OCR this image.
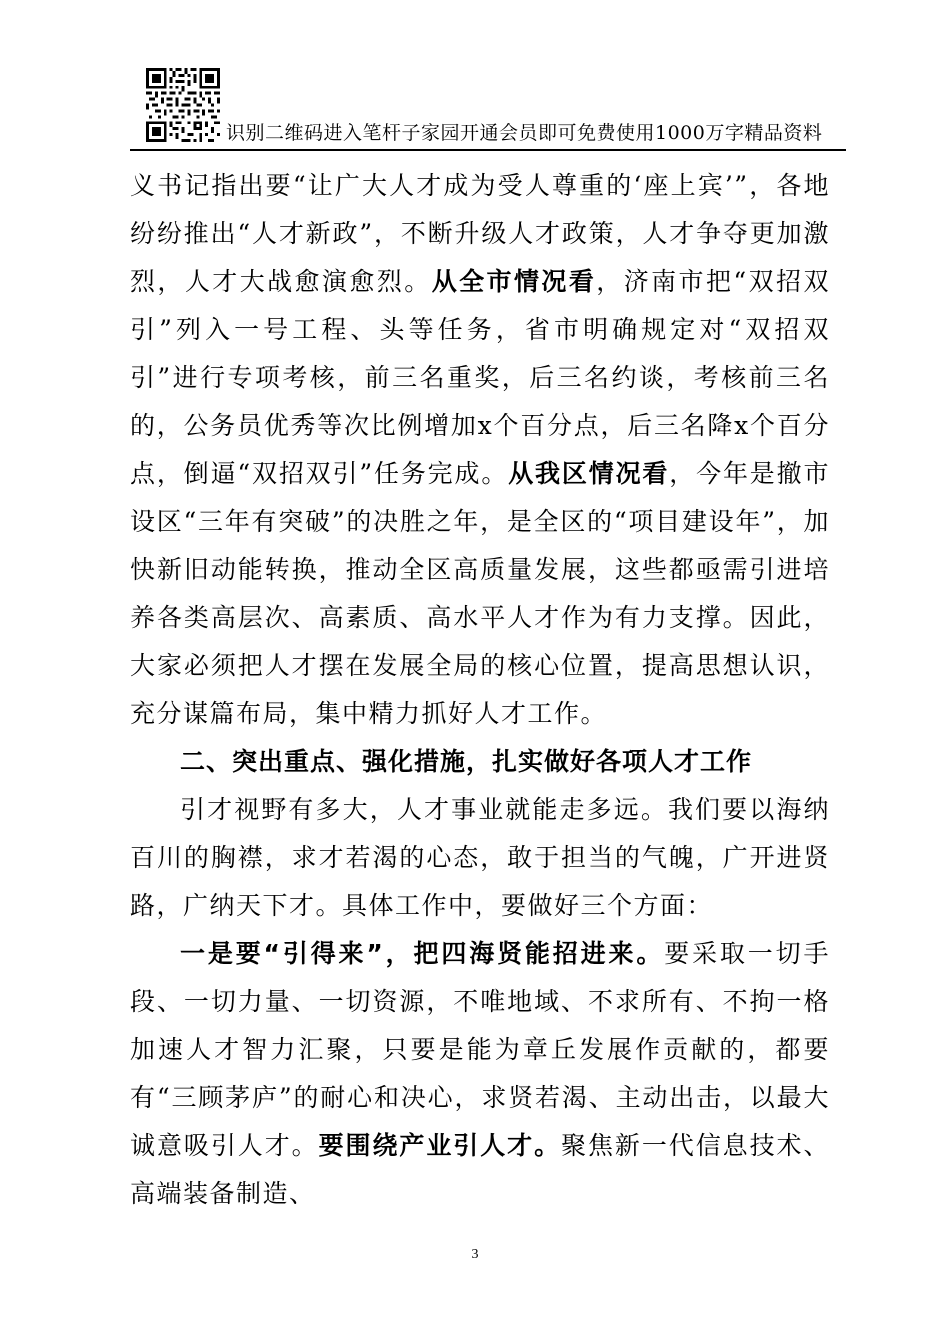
识别二维码进入笔杆子家园开通会员即可免费使用1000万字精品资料

义书记指出要“让广大人才成为受人尊重的‘座上宾’”，各地纷纷推出“人才新政”，不断升级人才政策，人才争夺更加激烈，人才大战愈演愈烈。从全市情况看，济南市把“双招双引”列入一号工程、头等任务，省市明确规定对“双招双引”进行专项考核，前三名重奖，后三名约谈，考核前三名的，公务员优秀等次比例增加x个百分点，后三名降x个百分点，倒逼“双招双引”任务完成。从我区情况看，今年是撤市设区“三年有突破”的决胜之年，是全区的“项目建设年”，加快新旧动能转换，推动全区高质量发展，这些都亟需引进培养各类高层次、高素质、高水平人才作为有力支撑。因此，大家必须把人才摆在发展全局的核心位置，提高思想认识，充分谋篇布局，集中精力抓好人才工作。

二、突出重点、强化措施，扎实做好各项人才工作

引才视野有多大，人才事业就能走多远。我们要以海纳百川的胸襟，求才若渴的心态，敢于担当的气魄，广开进贤路，广纳天下才。具体工作中，要做好三个方面：

一是要“引得来”，把四海贤能招进来。要采取一切手段、一切力量、一切资源，不唯地域、不求所有、不拘一格加速人才智力汇聚，只要是能为章丘发展作贡献的，都要有“三顾茅庐”的耐心和决心，求贤若渴、主动出击，以最大诚意吸引人才。要围绕产业引人才。聚焦新一代信息技术、高端装备制造、

3
